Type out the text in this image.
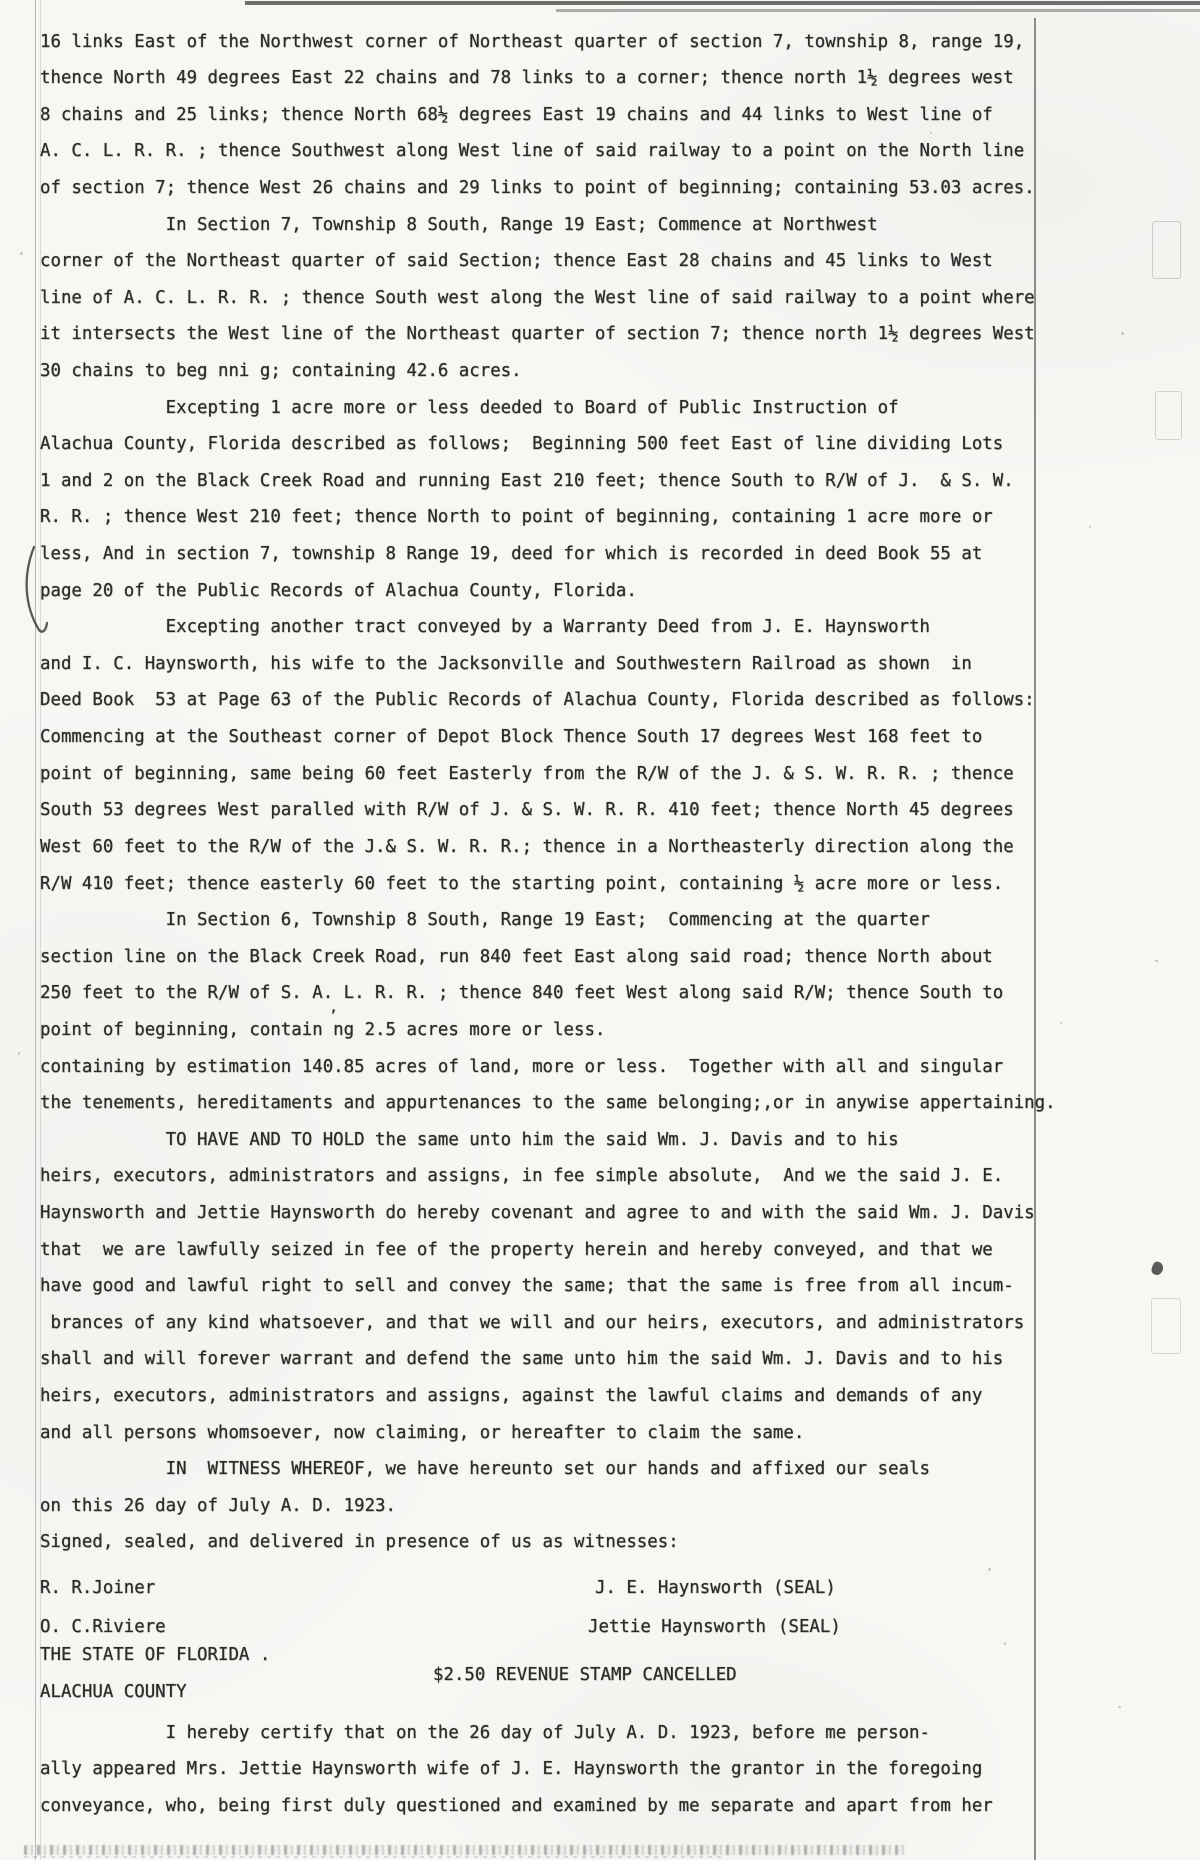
16 links East of the Northwest corner of Northeast quarter of section 7, township 8, range 19,
thence North 49 degrees East 22 chains and 78 links to a corner; thence north 1½ degrees west
8 chains and 25 links; thence North 68½ degrees East 19 chains and 44 links to West line of
A. C. L. R. R. ; thence Southwest along West line of said railway to a point on the North line
of section 7; thence West 26 chains and 29 links to point of beginning; containing 53.03 acres.
In Section 7, Township 8 South, Range 19 East; Commence at Northwest
corner of the Northeast quarter of said Section; thence East 28 chains and 45 links to West
line of A. C. L. R. R. ; thence South west along the West line of said railway to a point where
it intersects the West line of the Northeast quarter of section 7; thence north 1½ degrees West
30 chains to beg nni g; containing 42.6 acres.
Excepting 1 acre more or less deeded to Board of Public Instruction of
Alachua County, Florida described as follows;  Beginning 500 feet East of line dividing Lots
1 and 2 on the Black Creek Road and running East 210 feet; thence South to R/W of J.  & S. W.
R. R. ; thence West 210 feet; thence North to point of beginning, containing 1 acre more or
less, And in section 7, township 8 Range 19, deed for which is recorded in deed Book 55 at
page 20 of the Public Records of Alachua County, Florida.
Excepting another tract conveyed by a Warranty Deed from J. E. Haynsworth
and I. C. Haynsworth, his wife to the Jacksonville and Southwestern Railroad as shown  in
Deed Book  53 at Page 63 of the Public Records of Alachua County, Florida described as follows:
Commencing at the Southeast corner of Depot Block Thence South 17 degrees West 168 feet to
point of beginning, same being 60 feet Easterly from the R/W of the J. & S. W. R. R. ; thence
South 53 degrees West paralled with R/W of J. & S. W. R. R. 410 feet; thence North 45 degrees
West 60 feet to the R/W of the J.& S. W. R. R.; thence in a Northeasterly direction along the
R/W 410 feet; thence easterly 60 feet to the starting point, containing ½ acre more or less.
In Section 6, Township 8 South, Range 19 East;  Commencing at the quarter
section line on the Black Creek Road, run 840 feet East along said road; thence North about
250 feet to the R/W of S. A. L. R. R. ; thence 840 feet West along said R/W; thence South to
point of beginning, contain ng 2.5 acres more or less.
containing by estimation 140.85 acres of land, more or less.  Together with all and singular
the tenements, hereditaments and appurtenances to the same belonging;,or in anywise appertaining.
TO HAVE AND TO HOLD the same unto him the said Wm. J. Davis and to his
heirs, executors, administrators and assigns, in fee simple absolute,  And we the said J. E.
Haynsworth and Jettie Haynsworth do hereby covenant and agree to and with the said Wm. J. Davis
that  we are lawfully seized in fee of the property herein and hereby conveyed, and that we
have good and lawful right to sell and convey the same; that the same is free from all incum-
brances of any kind whatsoever, and that we will and our heirs, executors, and administrators
shall and will forever warrant and defend the same unto him the said Wm. J. Davis and to his
heirs, executors, administrators and assigns, against the lawful claims and demands of any
and all persons whomsoever, now claiming, or hereafter to claim the same.
IN  WITNESS WHEREOF, we have hereunto set our hands and affixed our seals
on this 26 day of July A. D. 1923.
Signed, sealed, and delivered in presence of us as witnesses:
ʼ
R. R.Joiner	J. E. Haynsworth (SEAL)
O. C.Riviere	Jettie Haynsworth (SEAL)
THE STATE OF FLORIDA .
$2.50 REVENUE STAMP CANCELLED
ALACHUA COUNTY
I hereby certify that on the 26 day of July A. D. 1923, before me person-
ally appeared Mrs. Jettie Haynsworth wife of J. E. Haynsworth the grantor in the foregoing
conveyance, who, being first duly questioned and examined by me separate and apart from her
